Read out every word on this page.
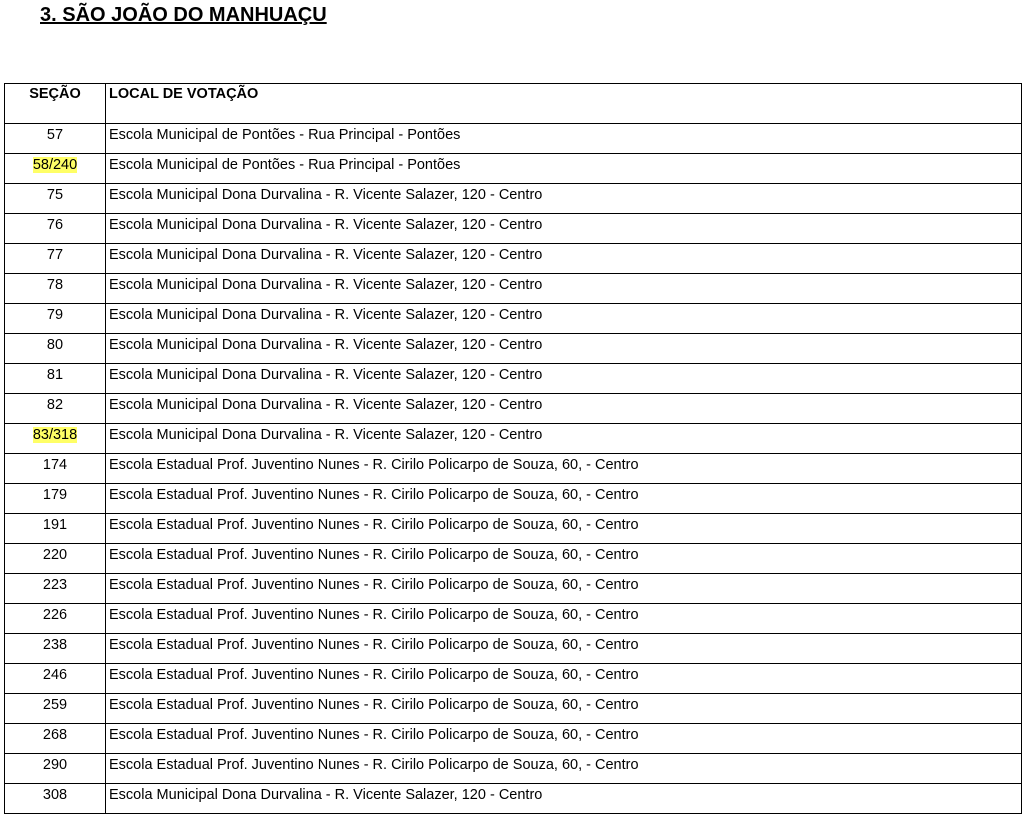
3. SÃO JOÃO DO MANHUAÇU
SEÇÃO	LOCAL DE VOTAÇÃO
57	Escola Municipal de Pontões - Rua Principal - Pontões
58/240	Escola Municipal de Pontões - Rua Principal - Pontões
75	Escola Municipal Dona Durvalina - R. Vicente Salazer, 120 - Centro
76	Escola Municipal Dona Durvalina - R. Vicente Salazer, 120 - Centro
77	Escola Municipal Dona Durvalina - R. Vicente Salazer, 120 - Centro
78	Escola Municipal Dona Durvalina - R. Vicente Salazer, 120 - Centro
79	Escola Municipal Dona Durvalina - R. Vicente Salazer, 120 - Centro
80	Escola Municipal Dona Durvalina - R. Vicente Salazer, 120 - Centro
81	Escola Municipal Dona Durvalina - R. Vicente Salazer, 120 - Centro
82	Escola Municipal Dona Durvalina - R. Vicente Salazer, 120 - Centro
83/318	Escola Municipal Dona Durvalina - R. Vicente Salazer, 120 - Centro
174	Escola Estadual Prof. Juventino Nunes - R. Cirilo Policarpo de Souza, 60, - Centro
179	Escola Estadual Prof. Juventino Nunes - R. Cirilo Policarpo de Souza, 60, - Centro
191	Escola Estadual Prof. Juventino Nunes - R. Cirilo Policarpo de Souza, 60, - Centro
220	Escola Estadual Prof. Juventino Nunes - R. Cirilo Policarpo de Souza, 60, - Centro
223	Escola Estadual Prof. Juventino Nunes - R. Cirilo Policarpo de Souza, 60, - Centro
226	Escola Estadual Prof. Juventino Nunes - R. Cirilo Policarpo de Souza, 60, - Centro
238	Escola Estadual Prof. Juventino Nunes - R. Cirilo Policarpo de Souza, 60, - Centro
246	Escola Estadual Prof. Juventino Nunes - R. Cirilo Policarpo de Souza, 60, - Centro
259	Escola Estadual Prof. Juventino Nunes - R. Cirilo Policarpo de Souza, 60, - Centro
268	Escola Estadual Prof. Juventino Nunes - R. Cirilo Policarpo de Souza, 60, - Centro
290	Escola Estadual Prof. Juventino Nunes - R. Cirilo Policarpo de Souza, 60, - Centro
308	Escola Municipal Dona Durvalina - R. Vicente Salazer, 120 - Centro
